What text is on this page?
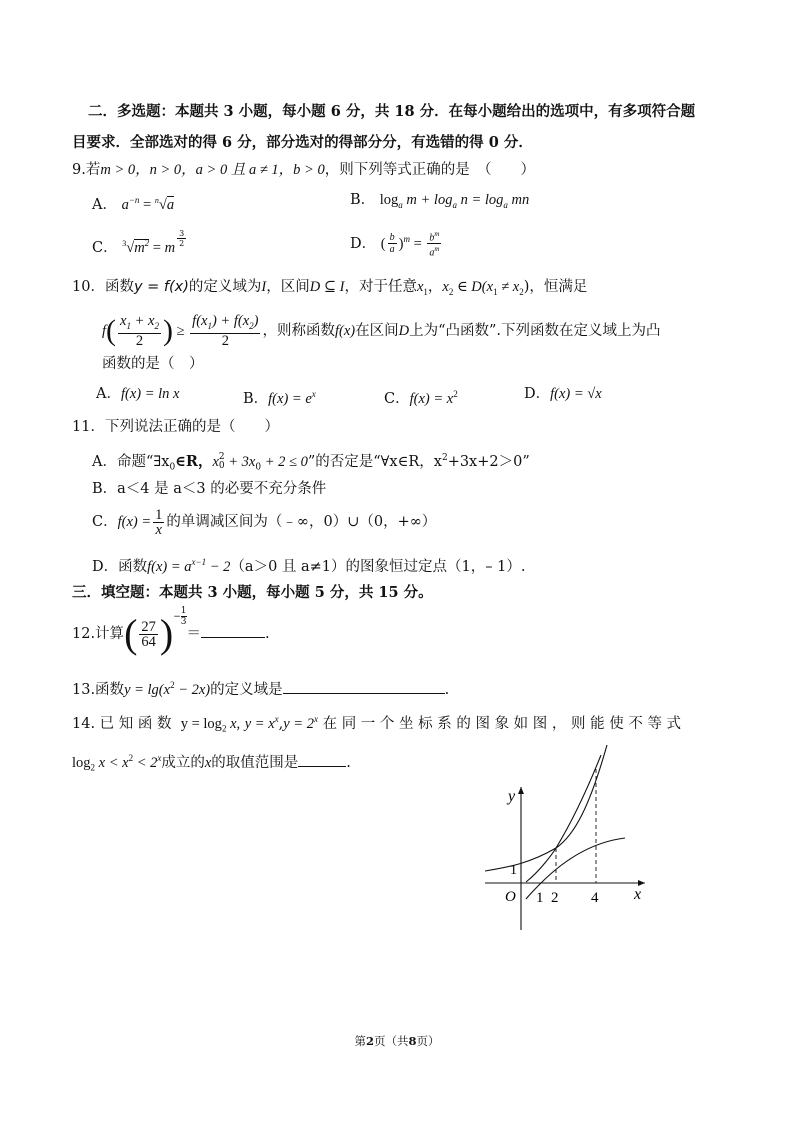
二．多选题：本题共 3 小题，每小题 6 分，共 18 分．在每小题给出的选项中，有多项符合题
目要求．全部选对的得 6 分，部分选对的得部分分，有选错的得 0 分．
9.若m > 0，n > 0，a > 0 且 a ≠ 1，b > 0，则下列等式正确的是　（　　）
A． $a^{-n} = ^n√a$	B． $\log_a m + \log_a n = \log_a$ mn
C． $^3√m^2 = m \frac{3}{2}$	D． ( $\frac{b}{a} )^m = \frac{b^m}{a^m}$
10．函数y = f(x)的定义域为I，区间D ⊆ I，对于任意$x_1$，$x_2$ ∈ $D(x_1 \ne x_2)$，恒满足
$f( \frac{x_1 + x_2}{2}$ ) ≥ $\frac{f(x_1) + f(x_2)}{2}$ ，则称函数f(x)在区间D上为“凸函数”.下列函数在定义域上为凸
函数的是（　）
A．f(x) = ln x	B．$f(x) = e^x$	C．$f(x) = x^2$	D．f(x) = √x
11．下列说法正确的是（　　）
A．命题“$\exists x_0\in R$，x 2
$0 + 3x_0 + 2 \le 0$”的否定是“∀x∈R，$x^2+3x+2>0$”
B．a＜4 是 a＜3 的必要不充分条件
C．$f(x) = \frac{1}{x}$ 的单调减区间为（﹣∞，0）∪（0，+∞）
D．函数$f(x) = a^{x-1} - 2(a>0$ 且 a≠1）的图象恒过定点（1，– 1）.
三．填空题：本题共 3 小题，每小题 5 分，共 15 分。
12.计算( $\frac{27}{64}$ )− $\frac{1}{3}$
＝	.
13.函数$y = \lg(x^2 - 2x)$的定义域是	.
14. 已 知 函 数 $y = \log_2 x$, $y = x^x,y = 2^x$ 在 同 一 个 坐 标 系 的 图 象 如 图 ， 则 能 使 不 等 式
$\log_2 x < x^2 < 2^x$成立的x的取值范围是	.
y
x
O
1
1 2 4
第2页（共8页）
